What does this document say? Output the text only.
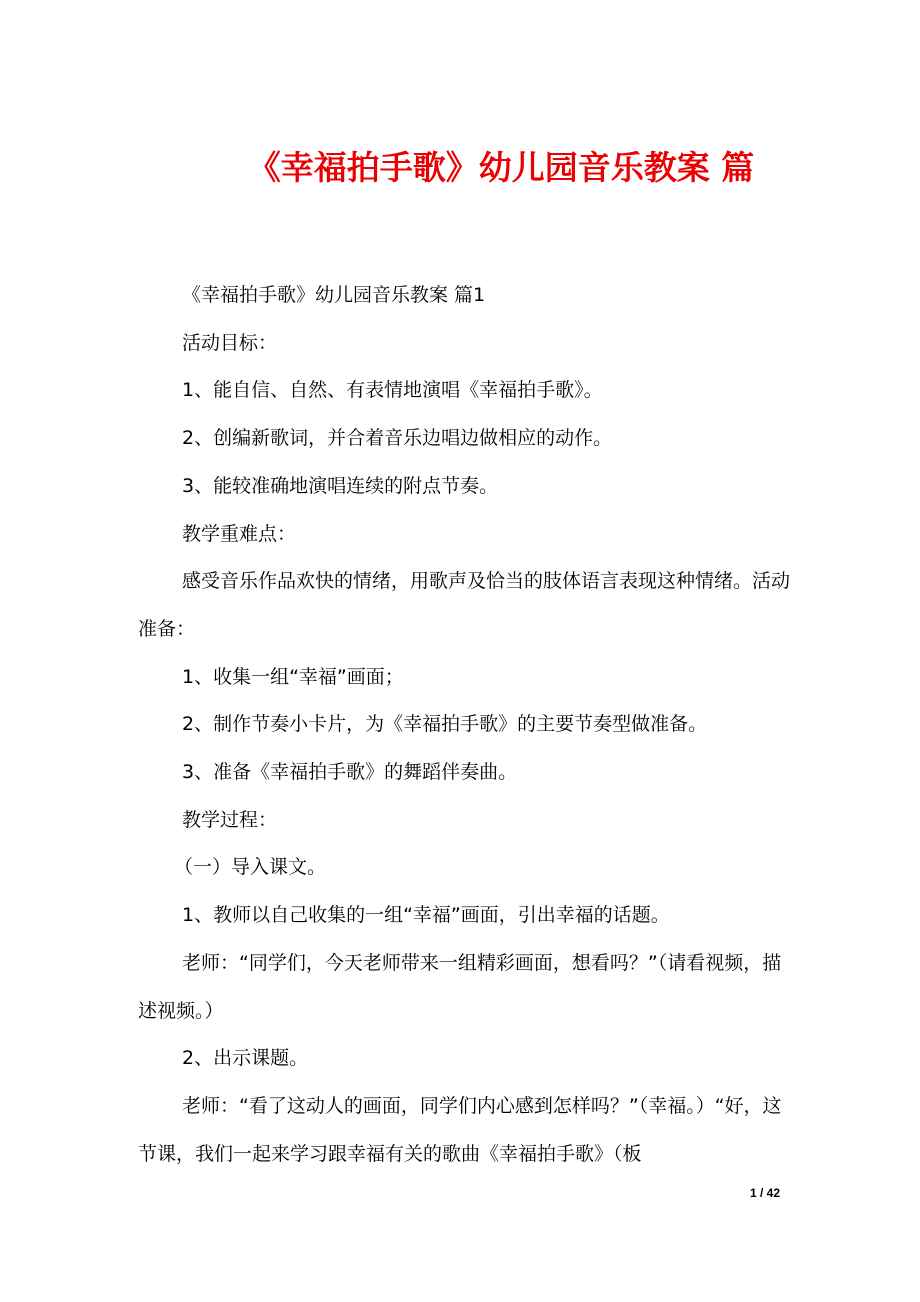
《幸福拍手歌》幼儿园音乐教案 篇

《幸福拍手歌》幼儿园音乐教案 篇1

活动目标：

1、能自信、自然、有表情地演唱《幸福拍手歌》。

2、创编新歌词，并合着音乐边唱边做相应的动作。

3、能较准确地演唱连续的附点节奏。

教学重难点：

感受音乐作品欢快的情绪，用歌声及恰当的肢体语言表现这种情绪。活动准备：

1、收集一组“幸福”画面；

2、制作节奏小卡片，为《幸福拍手歌》的主要节奏型做准备。

3、准备《幸福拍手歌》的舞蹈伴奏曲。

教学过程：

（一）导入课文。

1、教师以自己收集的一组“幸福”画面，引出幸福的话题。

老师：“同学们，今天老师带来一组精彩画面，想看吗？”（请看视频，描述视频。）

2、出示课题。

老师：“看了这动人的画面，同学们内心感到怎样吗？”（幸福。）“好，这节课，我们一起来学习跟幸福有关的歌曲《幸福拍手歌》（板

1 / 42
